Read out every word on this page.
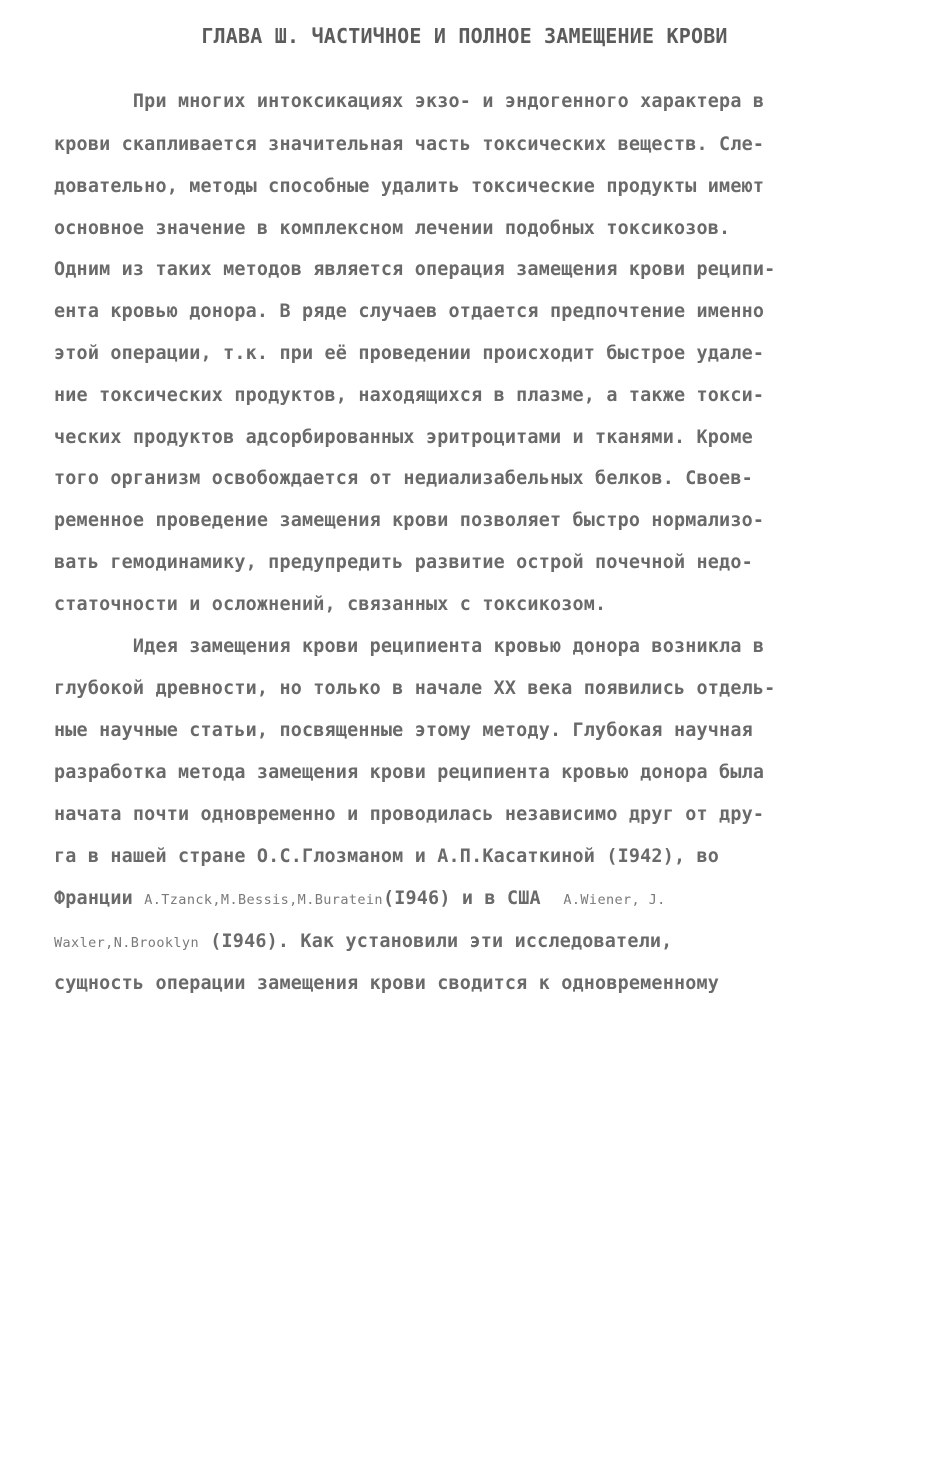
ГЛАВА Ш. ЧАСТИЧНОЕ И ПОЛНОЕ ЗАМЕЩЕНИЕ КРОВИ
При многих интоксикациях экзо- и эндогенного характера в
крови скапливается значительная часть токсических веществ. Сле-
довательно, методы способные удалить токсические продукты имеют
основное значение в комплексном лечении подобных токсикозов.
Одним из таких методов является операция замещения крови реципи-
ента кровью донора. В ряде случаев отдается предпочтение именно
этой операции, т.к. при её проведении происходит быстрое удале-
ние токсических продуктов, находящихся в плазме, а также токси-
ческих продуктов адсорбированных эритроцитами и тканями. Кроме
того организм освобождается от недиализабельных белков. Своев-
ременное проведение замещения крови позволяет быстро нормализо-
вать гемодинамику, предупредить развитие острой почечной недо-
статочности и осложнений, связанных с токсикозом.
Идея замещения крови реципиента кровью донора возникла в
глубокой древности, но только в начале XX века появились отдель-
ные научные статьи, посвященные этому методу. Глубокая научная
разработка метода замещения крови реципиента кровью донора была
начата почти одновременно и проводилась независимо друг от дру-
га в нашей стране О.С.Глозманом и А.П.Касаткиной (I942), во
Франции A.Tzanck,M.Bessis,M.Buratein(I946) и в США A.Wiener, J.
Waxler,N.Brooklyn (I946). Как установили эти исследователи,
сущность операции замещения крови сводится к одновременному
